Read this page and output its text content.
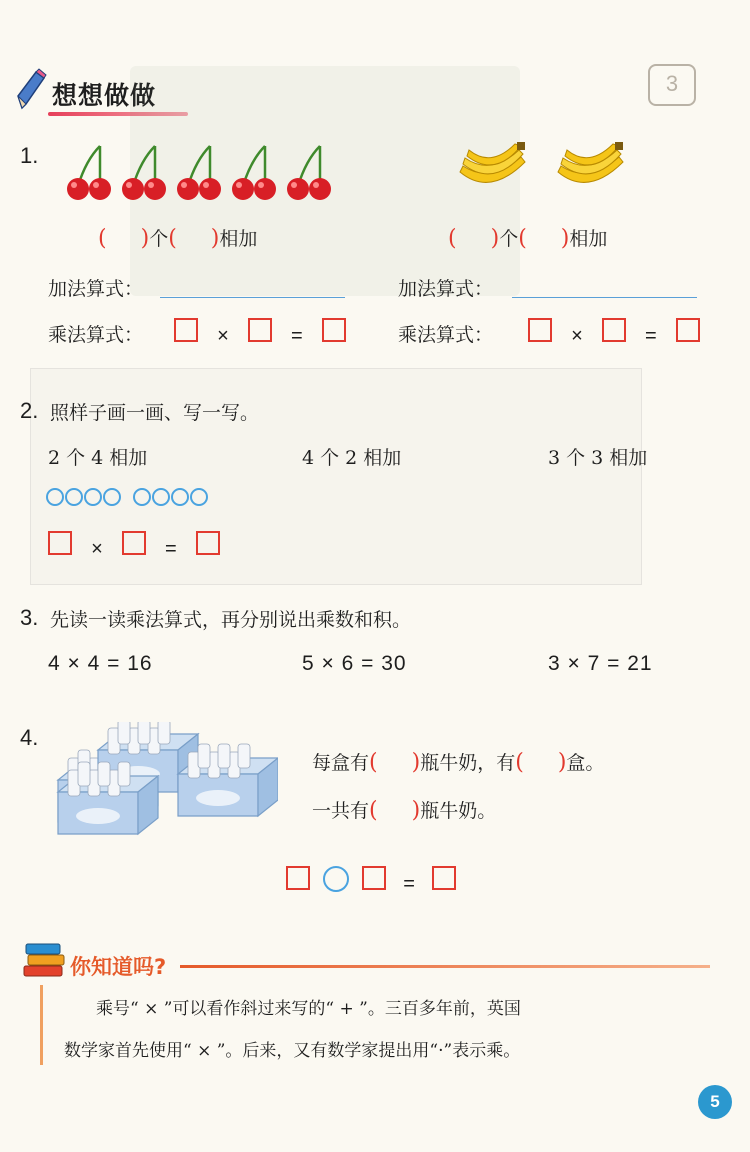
想想做做	3
1.
( )个( )相加	( )个( )相加
加法算式：	加法算式：
乘法算式：	×	=	乘法算式：	×	=
2. 照样子画一画、写一写。
2 个 4 相加	4 个 2 相加	3 个 3 相加
×	=
3. 先读一读乘法算式，再分别说出乘数和积。
4 × 4 = 16	5 × 6 = 30	3 × 7 = 21
4.
每盒有( )瓶牛奶，有( )盒。
一共有( )瓶牛奶。
=
你知道吗?
乘号“ × ”可以看作斜过来写的“ + ”。三百多年前，英国
数学家首先使用“ × ”。后来，又有数学家提出用“·”表示乘。
5
